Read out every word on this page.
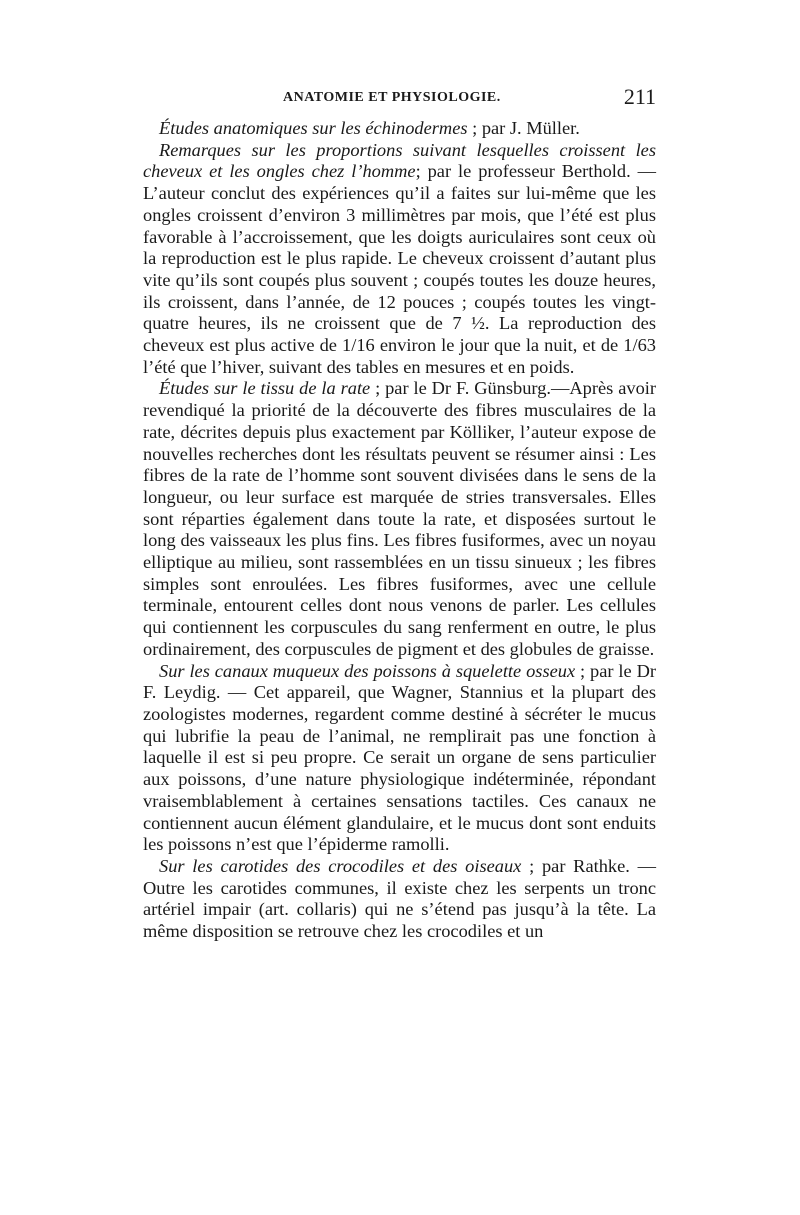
ANATOMIE ET PHYSIOLOGIE.	211

Études anatomiques sur les échinodermes ; par J. Müller.

Remarques sur les proportions suivant lesquelles croissent les cheveux et les ongles chez l’homme; par le professeur Berthold. — L’auteur conclut des expériences qu’il a faites sur lui-même que les ongles croissent d’environ 3 millimètres par mois, que l’été est plus favorable à l’accroissement, que les doigts auriculaires sont ceux où la reproduction est le plus rapide. Le cheveux croissent d’autant plus vite qu’ils sont coupés plus souvent ; coupés toutes les douze heures, ils croissent, dans l’année, de 12 pouces ; coupés toutes les vingt-quatre heures, ils ne croissent que de 7 ½. La reproduction des cheveux est plus active de 1/16 environ le jour que la nuit, et de 1/63 l’été que l’hiver, suivant des tables en mesures et en poids.

Études sur le tissu de la rate ; par le Dr F. Günsburg.—Après avoir revendiqué la priorité de la découverte des fibres musculaires de la rate, décrites depuis plus exactement par Kölliker, l’auteur expose de nouvelles recherches dont les résultats peuvent se résumer ainsi : Les fibres de la rate de l’homme sont souvent divisées dans le sens de la longueur, ou leur surface est marquée de stries transversales. Elles sont réparties également dans toute la rate, et disposées surtout le long des vaisseaux les plus fins. Les fibres fusiformes, avec un noyau elliptique au milieu, sont rassemblées en un tissu sinueux ; les fibres simples sont enroulées. Les fibres fusiformes, avec une cellule terminale, entourent celles dont nous venons de parler. Les cellules qui contiennent les corpuscules du sang renferment en outre, le plus ordinairement, des corpuscules de pigment et des globules de graisse.

Sur les canaux muqueux des poissons à squelette osseux ; par le Dr F. Leydig. — Cet appareil, que Wagner, Stannius et la plupart des zoologistes modernes, regardent comme destiné à sécréter le mucus qui lubrifie la peau de l’animal, ne remplirait pas une fonction à laquelle il est si peu propre. Ce serait un organe de sens particulier aux poissons, d’une nature physiologique indéterminée, répondant vraisemblablement à certaines sensations tactiles. Ces canaux ne contiennent aucun élément glandulaire, et le mucus dont sont enduits les poissons n’est que l’épiderme ramolli.

Sur les carotides des crocodiles et des oiseaux ; par Rathke. — Outre les carotides communes, il existe chez les serpents un tronc artériel impair (art. collaris) qui ne s’étend pas jusqu’à la tête. La même disposition se retrouve chez les crocodiles et un
